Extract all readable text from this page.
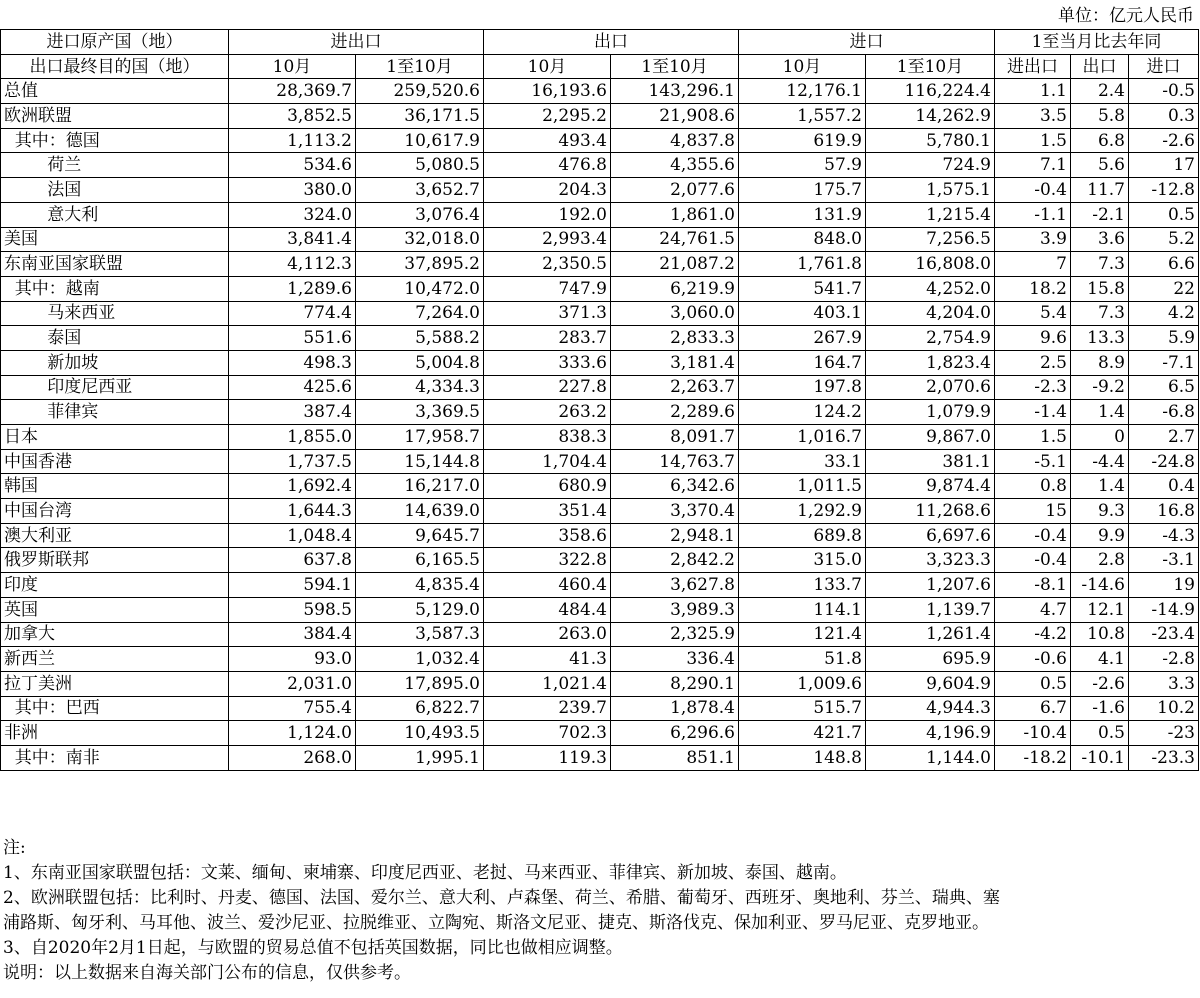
单位：亿元人民币
进口原产国（地）	进出口		出口		进口		1至当月比去年同		
出口最终目的国（地）	10月	1至10月	10月	1至10月	10月	1至10月	进出口	出口	进口
总值	28,369.7	259,520.6	16,193.6	143,296.1	12,176.1	116,224.4	1.1	2.4	-0.5
欧洲联盟	3,852.5	36,171.5	2,295.2	21,908.6	1,557.2	14,262.9	3.5	5.8	0.3
其中：德国	1,113.2	10,617.9	493.4	4,837.8	619.9	5,780.1	1.5	6.8	-2.6
荷兰	534.6	5,080.5	476.8	4,355.6	57.9	724.9	7.1	5.6	17
法国	380.0	3,652.7	204.3	2,077.6	175.7	1,575.1	-0.4	11.7	-12.8
意大利	324.0	3,076.4	192.0	1,861.0	131.9	1,215.4	-1.1	-2.1	0.5
美国	3,841.4	32,018.0	2,993.4	24,761.5	848.0	7,256.5	3.9	3.6	5.2
东南亚国家联盟	4,112.3	37,895.2	2,350.5	21,087.2	1,761.8	16,808.0	7	7.3	6.6
其中：越南	1,289.6	10,472.0	747.9	6,219.9	541.7	4,252.0	18.2	15.8	22
马来西亚	774.4	7,264.0	371.3	3,060.0	403.1	4,204.0	5.4	7.3	4.2
泰国	551.6	5,588.2	283.7	2,833.3	267.9	2,754.9	9.6	13.3	5.9
新加坡	498.3	5,004.8	333.6	3,181.4	164.7	1,823.4	2.5	8.9	-7.1
印度尼西亚	425.6	4,334.3	227.8	2,263.7	197.8	2,070.6	-2.3	-9.2	6.5
菲律宾	387.4	3,369.5	263.2	2,289.6	124.2	1,079.9	-1.4	1.4	-6.8
日本	1,855.0	17,958.7	838.3	8,091.7	1,016.7	9,867.0	1.5	0	2.7
中国香港	1,737.5	15,144.8	1,704.4	14,763.7	33.1	381.1	-5.1	-4.4	-24.8
韩国	1,692.4	16,217.0	680.9	6,342.6	1,011.5	9,874.4	0.8	1.4	0.4
中国台湾	1,644.3	14,639.0	351.4	3,370.4	1,292.9	11,268.6	15	9.3	16.8
澳大利亚	1,048.4	9,645.7	358.6	2,948.1	689.8	6,697.6	-0.4	9.9	-4.3
俄罗斯联邦	637.8	6,165.5	322.8	2,842.2	315.0	3,323.3	-0.4	2.8	-3.1
印度	594.1	4,835.4	460.4	3,627.8	133.7	1,207.6	-8.1	-14.6	19
英国	598.5	5,129.0	484.4	3,989.3	114.1	1,139.7	4.7	12.1	-14.9
加拿大	384.4	3,587.3	263.0	2,325.9	121.4	1,261.4	-4.2	10.8	-23.4
新西兰	93.0	1,032.4	41.3	336.4	51.8	695.9	-0.6	4.1	-2.8
拉丁美洲	2,031.0	17,895.0	1,021.4	8,290.1	1,009.6	9,604.9	0.5	-2.6	3.3
其中：巴西	755.4	6,822.7	239.7	1,878.4	515.7	4,944.3	6.7	-1.6	10.2
非洲	1,124.0	10,493.5	702.3	6,296.6	421.7	4,196.9	-10.4	0.5	-23
其中：南非	268.0	1,995.1	119.3	851.1	148.8	1,144.0	-18.2	-10.1	-23.3
注:
1、东南亚国家联盟包括：文莱、缅甸、柬埔寨、印度尼西亚、老挝、马来西亚、菲律宾、新加坡、泰国、越南。
2、欧洲联盟包括：比利时、丹麦、德国、法国、爱尔兰、意大利、卢森堡、荷兰、希腊、葡萄牙、西班牙、奥地利、芬兰、瑞典、塞
浦路斯、匈牙利、马耳他、波兰、爱沙尼亚、拉脱维亚、立陶宛、斯洛文尼亚、捷克、斯洛伐克、保加利亚、罗马尼亚、克罗地亚。
3、自2020年2月1日起，与欧盟的贸易总值不包括英国数据，同比也做相应调整。
说明：以上数据来自海关部门公布的信息，仅供参考。
